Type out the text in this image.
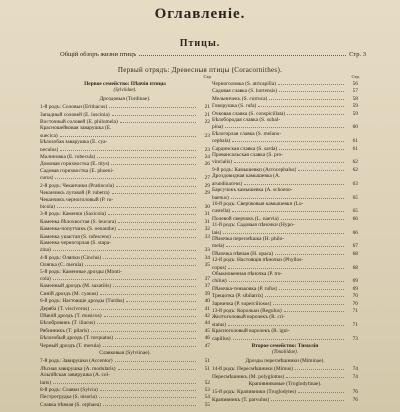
Оглавленіе.
Птицы.
Общій обзоръ жизни птицъ	Стр. 3
Первый отрядъ: Древесныя птицы (Coracornithes).
Первое семейство: Пѣвчія птицы
(Sylviidae).
Стр.
Дроздовыя (Turdinae).
1-й родъ: Соловьи (Erithacus)	21
Западный соловей (E. luscinia)	21
Восточный соловей (E. philomela)	22
Красношейковая заварушка (E.
suecica)	23
Бѣлозобая заварушка (E. cya-
neculus)	23
Малиновка (E. rubecula)	24
Домовая горихвостка (E. titys)	26
Садовая горихвостка (E. phoeni-
curus)	27
2-й родъ: Чеканчики (Pratincola)	29
Чеканчикъ луговой (P. rubetra)	29
Чеканчикъ черноголовый (P. ru-
bicola)	30
3-й родъ: Каменки (Saxicola)	31
Каменка бѣлохвостая (S. leucura)	31
Каменка-попутчикъ (S. oenanthe)	32
Каменка ушастая (S. rufescens)	33
Каменка черногорлая (S. stapa-
zina)	33
4-й родъ: Оляпки (Cinclus)	34
Оляпка (C. merula)	35
5-й родъ: Каменные дрозды (Monti-
cola)	37
Каменный дроздъ (M. saxatilis)	37
Синій дроздъ (M. cyanus)	39
6-й родъ: Настоящіе дрозды (Turdus)	40
Деряба (T. viscivorus)	41
Пѣвчій дроздъ (T. musicus)	42
Бѣлобровикъ (T. iliacus)	44
Рябинникъ (T. pilaris)	45
Бѣлозобый дроздъ (T. torquatus)	46
Черный дроздъ (T. merula)	47
Славковыя (Sylviinae).
7-й родъ: Завирушки (Accentor)	51
Лѣсная завирушка (A. modularis)	51
Альпійская завирушка (A. col-
laris)	52
8-й родъ: Славки (Sylvia)	53
Пестрогрудка (S. nisoria)	54
Славка пѣвчая (S. orphaea)	55
Стр.
Черноголовка (S. atricapilla)	56
Садовая славка (S. hortensis)	57
Мельничекъ (S. curruca)	58
Говорушка (S. rufa)	59
Очковая славка (S. conspicillata)	59
Бѣлобородая славка (S. subal-
pina)	60
Бѣлогорлая славка (S. melano-
cephala)	61
Сардинская славка (S. sarda)	61
Провансальская славка (S. pro-
vincialis)	62
9-й родъ: Камышевки (Acrocephalus)	62
Дроздовидная камышевка (A.
arundinaceus)	63
Барсучокъ камышевка (A. schoeno-
baenus)	65
10-й родъ: Сверчковыя камышевки (Lo-
custella)	65
Полевой сверчокъ (L. naevia)	66
11-й родъ: Садовыя пѣночки (Hypo-
lais)	66
Пѣночка пересмѣшка (H. philo-
mela)	67
Пѣночка пѣвчая (H. opaca)	68
12-й родъ: Настоящія пѣночки (Phyllos-
copus)	68
Обыкновенная пѣночка (P. tro-
chilus)	69
Пѣночка-теньковка (P. rufus)	69
Трещотка (P. sibilatrix)	70
Зарничка (P. superciliosus)	70
13-й родъ: Корольки (Regulus)	71
Желтоголовый королекъ (R. cri-
status)	71
Красноголовый королекъ (R. igni-
capillus)	73
Второе семейство: Тималіи
(Timaliidae).
Дрозды пересмѣшники (Miminae).
14-й родъ: Пересмѣшники (Mimus)	74
Пересмѣшникъ (M. polyglottus)	74
Крапивниковые (Troglodytinae).
15-й родъ: Крапивники (Troglodytes)	76
Крапивникъ (T. parvulus)	76
